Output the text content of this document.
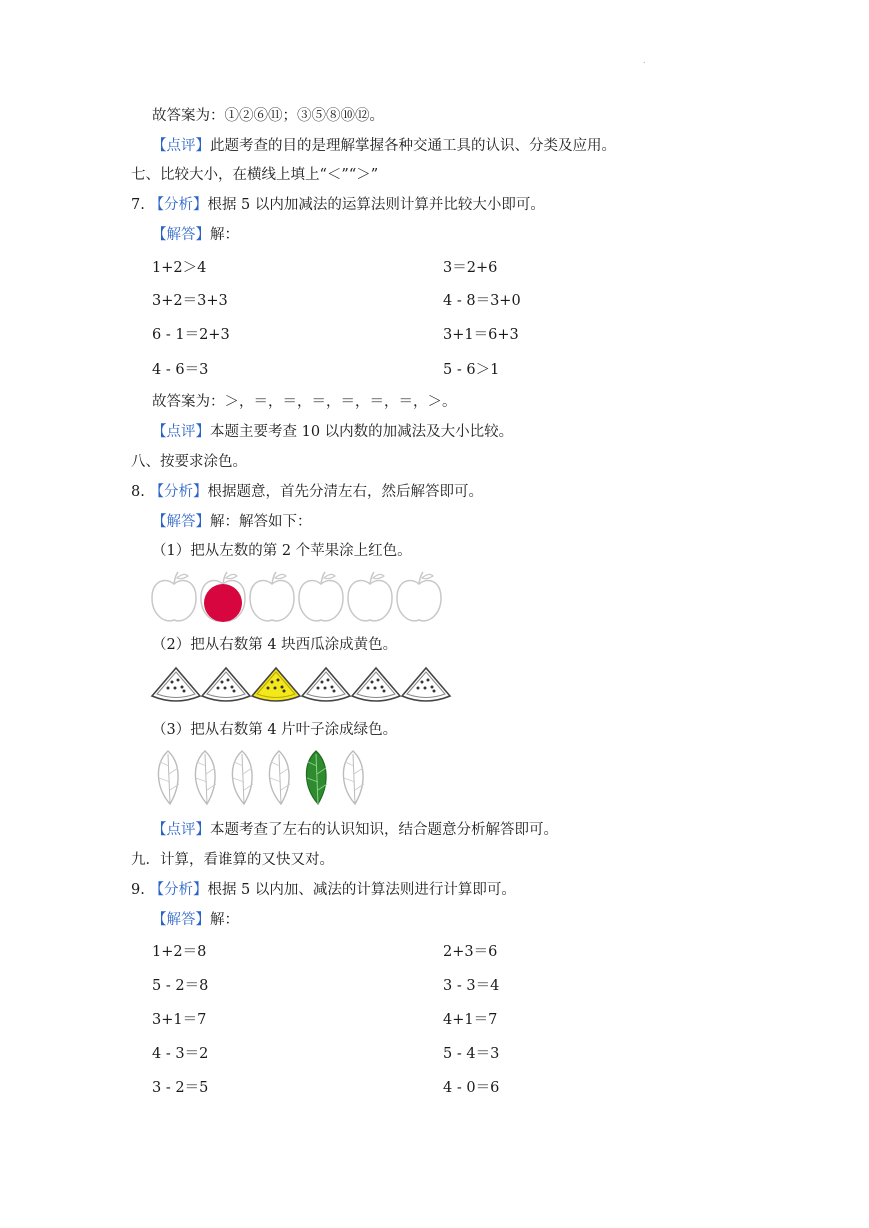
.
故答案为：①②⑥⑪；③⑤⑧⑩⑫。
【点评】此题考查的目的是理解掌握各种交通工具的认识、分类及应用。
七、比较大小，在横线上填上“＜”“＞”
7. 【分析】根据 5 以内加减法的运算法则计算并比较大小即可。
【解答】解：
1+2＞4	3＝2+6
3+2＝3+3	4 - 8＝3+0
6 - 1＝2+3	3+1＝6+3
4 - 6＝3	5 - 6＞1
故答案为：＞，＝，＝，＝，＝，＝，＝，＞。
【点评】本题主要考查 10 以内数的加减法及大小比较。
八、按要求涂色。
8. 【分析】根据题意，首先分清左右，然后解答即可。
【解答】解：解答如下：
（1）把从左数的第 2 个苹果涂上红色。
（2）把从右数第 4 块西瓜涂成黄色。
（3）把从右数第 4 片叶子涂成绿色。
【点评】本题考查了左右的认识知识，结合题意分析解答即可。
九．计算，看谁算的又快又对。
9. 【分析】根据 5 以内加、减法的计算法则进行计算即可。
【解答】解：
1+2＝8	2+3＝6
5 - 2＝8	3 - 3＝4
3+1＝7	4+1＝7
4 - 3＝2	5 - 4＝3
3 - 2＝5	4 - 0＝6
